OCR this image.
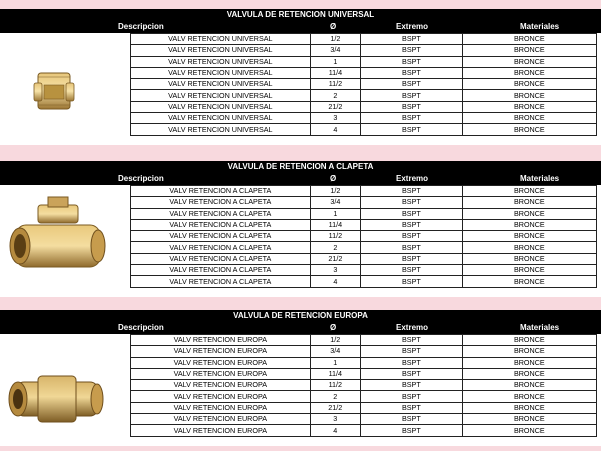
VALVULA DE RETENCION UNIVERSAL
Descripcion	Ø	Extremo	Materiales
VALV RETENCION UNIVERSAL	1/2	BSPT	BRONCE
VALV RETENCION UNIVERSAL	3/4	BSPT	BRONCE
VALV RETENCION UNIVERSAL	1	BSPT	BRONCE
VALV RETENCION UNIVERSAL	11/4	BSPT	BRONCE
VALV RETENCION UNIVERSAL	11/2	BSPT	BRONCE
VALV RETENCION UNIVERSAL	2	BSPT	BRONCE
VALV RETENCION UNIVERSAL	21/2	BSPT	BRONCE
VALV RETENCION UNIVERSAL	3	BSPT	BRONCE
VALV RETENCION UNIVERSAL	4	BSPT	BRONCE
VALVULA DE RETENCION A CLAPETA
Descripcion	Ø	Extremo	Materiales
VALV RETENCION A CLAPETA	1/2	BSPT	BRONCE
VALV RETENCION A CLAPETA	3/4	BSPT	BRONCE
VALV RETENCION A CLAPETA	1	BSPT	BRONCE
VALV RETENCION A CLAPETA	11/4	BSPT	BRONCE
VALV RETENCION A CLAPETA	11/2	BSPT	BRONCE
VALV RETENCION A CLAPETA	2	BSPT	BRONCE
VALV RETENCION A CLAPETA	21/2	BSPT	BRONCE
VALV RETENCION A CLAPETA	3	BSPT	BRONCE
VALV RETENCION A CLAPETA	4	BSPT	BRONCE
VALVULA DE RETENCION EUROPA
Descripcion	Ø	Extremo	Materiales
VALV RETENCION EUROPA	1/2	BSPT	BRONCE
VALV RETENCION EUROPA	3/4	BSPT	BRONCE
VALV RETENCION EUROPA	1	BSPT	BRONCE
VALV RETENCION EUROPA	11/4	BSPT	BRONCE
VALV RETENCION EUROPA	11/2	BSPT	BRONCE
VALV RETENCION EUROPA	2	BSPT	BRONCE
VALV RETENCION EUROPA	21/2	BSPT	BRONCE
VALV RETENCION EUROPA	3	BSPT	BRONCE
VALV RETENCION EUROPA	4	BSPT	BRONCE
